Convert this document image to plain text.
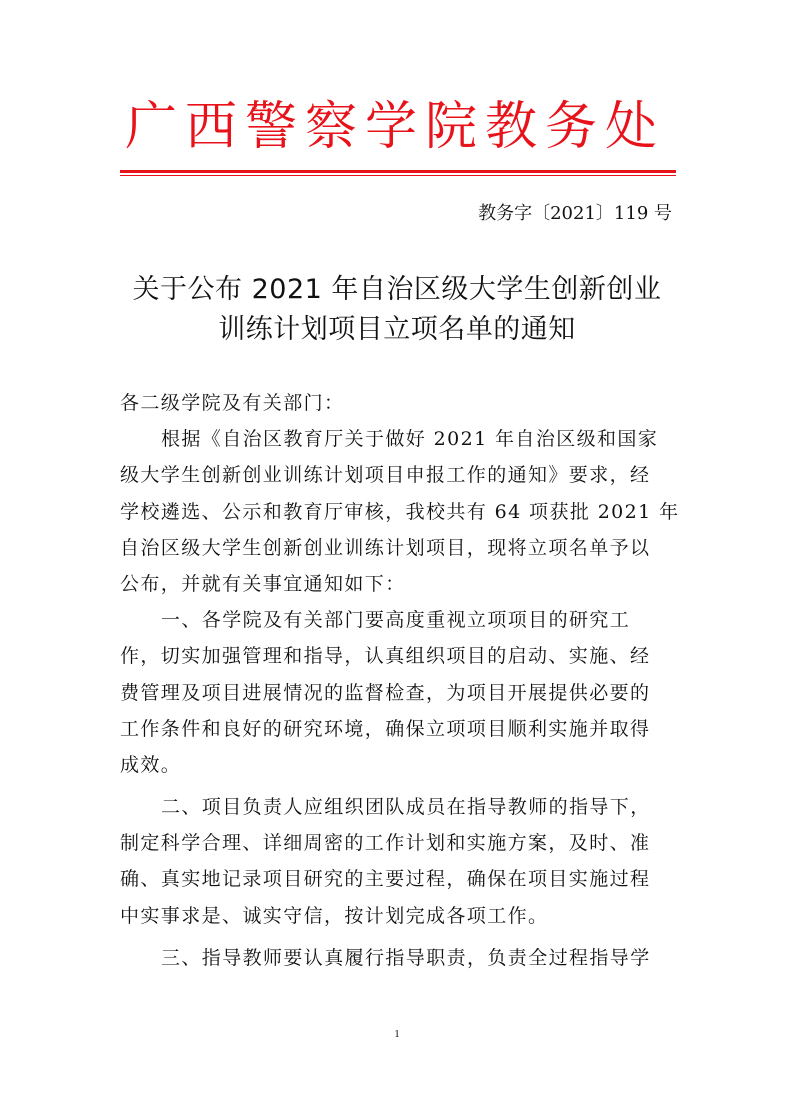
广西警察学院教务处
教务字〔2021〕119 号
关于公布 2021 年自治区级大学生创新创业
训练计划项目立项名单的通知
各二级学院及有关部门：
根据《自治区教育厅关于做好 2021 年自治区级和国家
级大学生创新创业训练计划项目申报工作的通知》要求，经
学校遴选、公示和教育厅审核，我校共有 64 项获批 2021 年
自治区级大学生创新创业训练计划项目，现将立项名单予以
公布，并就有关事宜通知如下：
一、各学院及有关部门要高度重视立项项目的研究工
作，切实加强管理和指导，认真组织项目的启动、实施、经
费管理及项目进展情况的监督检查，为项目开展提供必要的
工作条件和良好的研究环境，确保立项项目顺利实施并取得
成效。
二、项目负责人应组织团队成员在指导教师的指导下，
制定科学合理、详细周密的工作计划和实施方案，及时、准
确、真实地记录项目研究的主要过程，确保在项目实施过程
中实事求是、诚实守信，按计划完成各项工作。
三、指导教师要认真履行指导职责，负责全过程指导学
1
